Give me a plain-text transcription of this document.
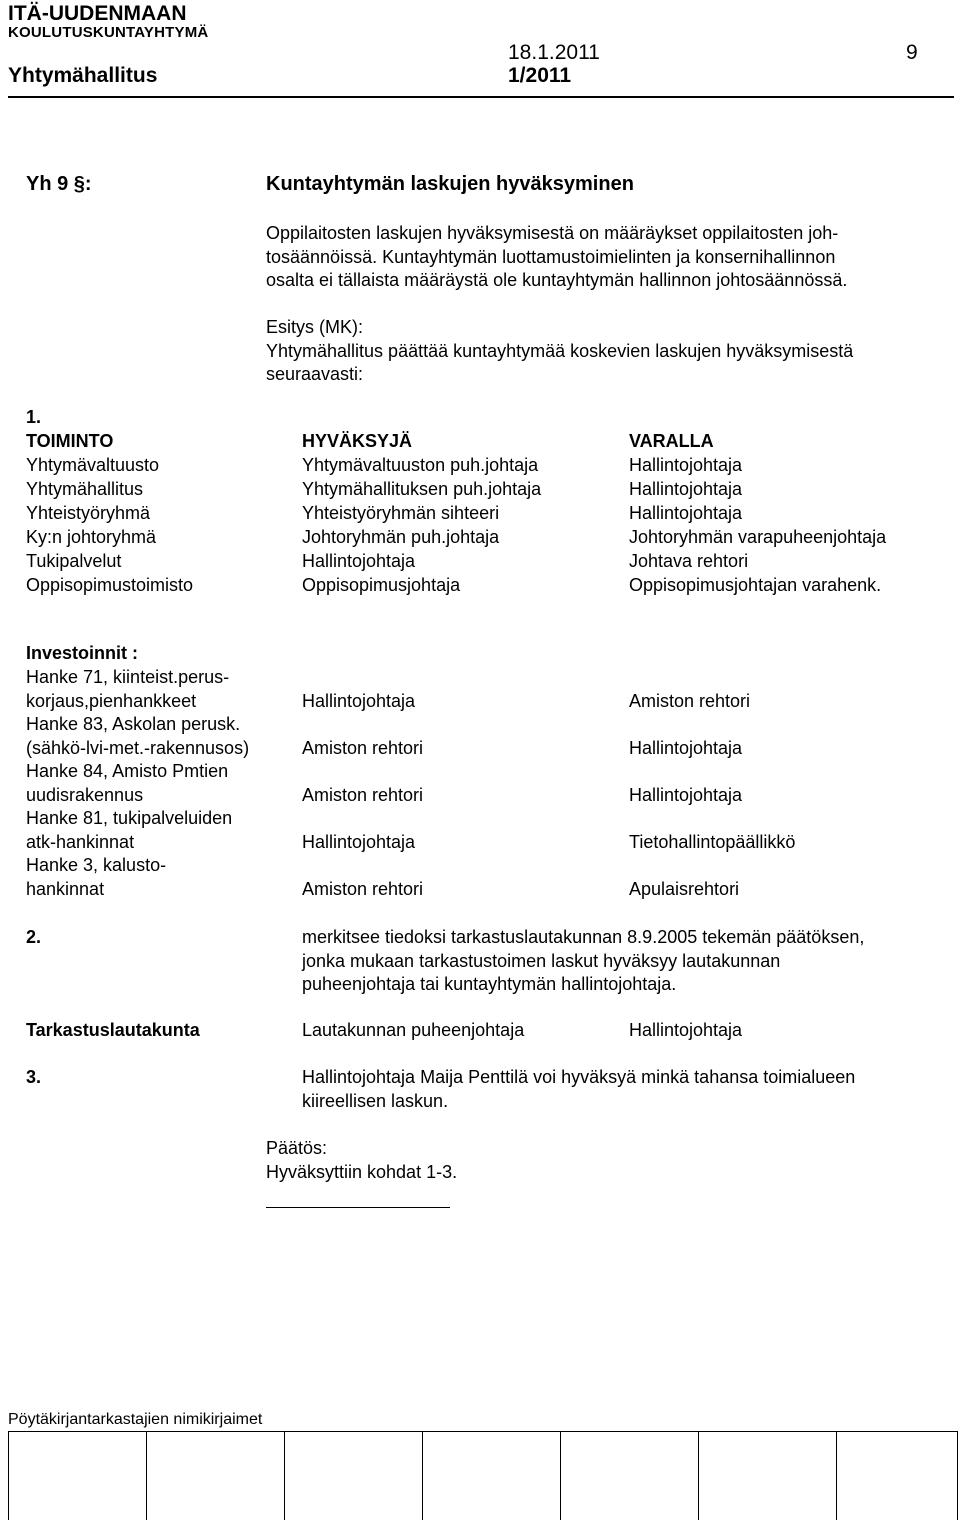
ITÄ-UUDENMAAN
KOULUTUSKUNTAYHTYMÄ
18.1.2011	9
Yhtymähallitus	1/2011
Yh 9 §:	Kuntayhtymän laskujen hyväksyminen

Oppilaitosten laskujen hyväksymisestä on määräykset oppilaitosten joh-

tosäännöissä. Kuntayhtymän luottamustoimielinten ja konsernihallinnon

osalta ei tällaista määräystä ole kuntayhtymän hallinnon johtosäännössä.

Esitys (MK):

Yhtymähallitus päättää kuntayhtymää koskevien laskujen hyväksymisestä

seuraavasti:

1.
TOIMINTO	HYVÄKSYJÄ	VARALLA
Yhtymävaltuusto	Yhtymävaltuuston puh.johtaja	Hallintojohtaja
Yhtymähallitus	Yhtymähallituksen puh.johtaja	Hallintojohtaja
Yhteistyöryhmä	Yhteistyöryhmän sihteeri	Hallintojohtaja
Ky:n johtoryhmä	Johtoryhmän puh.johtaja	Johtoryhmän varapuheenjohtaja
Tukipalvelut	Hallintojohtaja	Johtava rehtori
Oppisopimustoimisto	Oppisopimusjohtaja	Oppisopimusjohtajan varahenk.
Investoinnit :
Hanke 71, kiinteist.perus-
korjaus,pienhankkeet	Hallintojohtaja	Amiston rehtori
Hanke 83, Askolan perusk.
(sähkö-lvi-met.-rakennusos)	Amiston rehtori	Hallintojohtaja
Hanke 84, Amisto Pmtien
uudisrakennus	Amiston rehtori	Hallintojohtaja
Hanke 81, tukipalveluiden
atk-hankinnat	Hallintojohtaja	Tietohallintopäällikkö
Hanke 3, kalusto-
hankinnat	Amiston rehtori	Apulaisrehtori
2.	merkitsee tiedoksi tarkastuslautakunnan 8.9.2005 tekemän päätöksen,
jonka mukaan tarkastustoimen laskut hyväksyy lautakunnan
puheenjohtaja tai kuntayhtymän hallintojohtaja.
Tarkastuslautakunta	Lautakunnan puheenjohtaja	Hallintojohtaja
3.	Hallintojohtaja Maija Penttilä voi hyväksyä minkä tahansa toimialueen
kiireellisen laskun.
Päätös:
Hyväksyttiin kohdat 1-3.
Pöytäkirjantarkastajien nimikirjaimet
